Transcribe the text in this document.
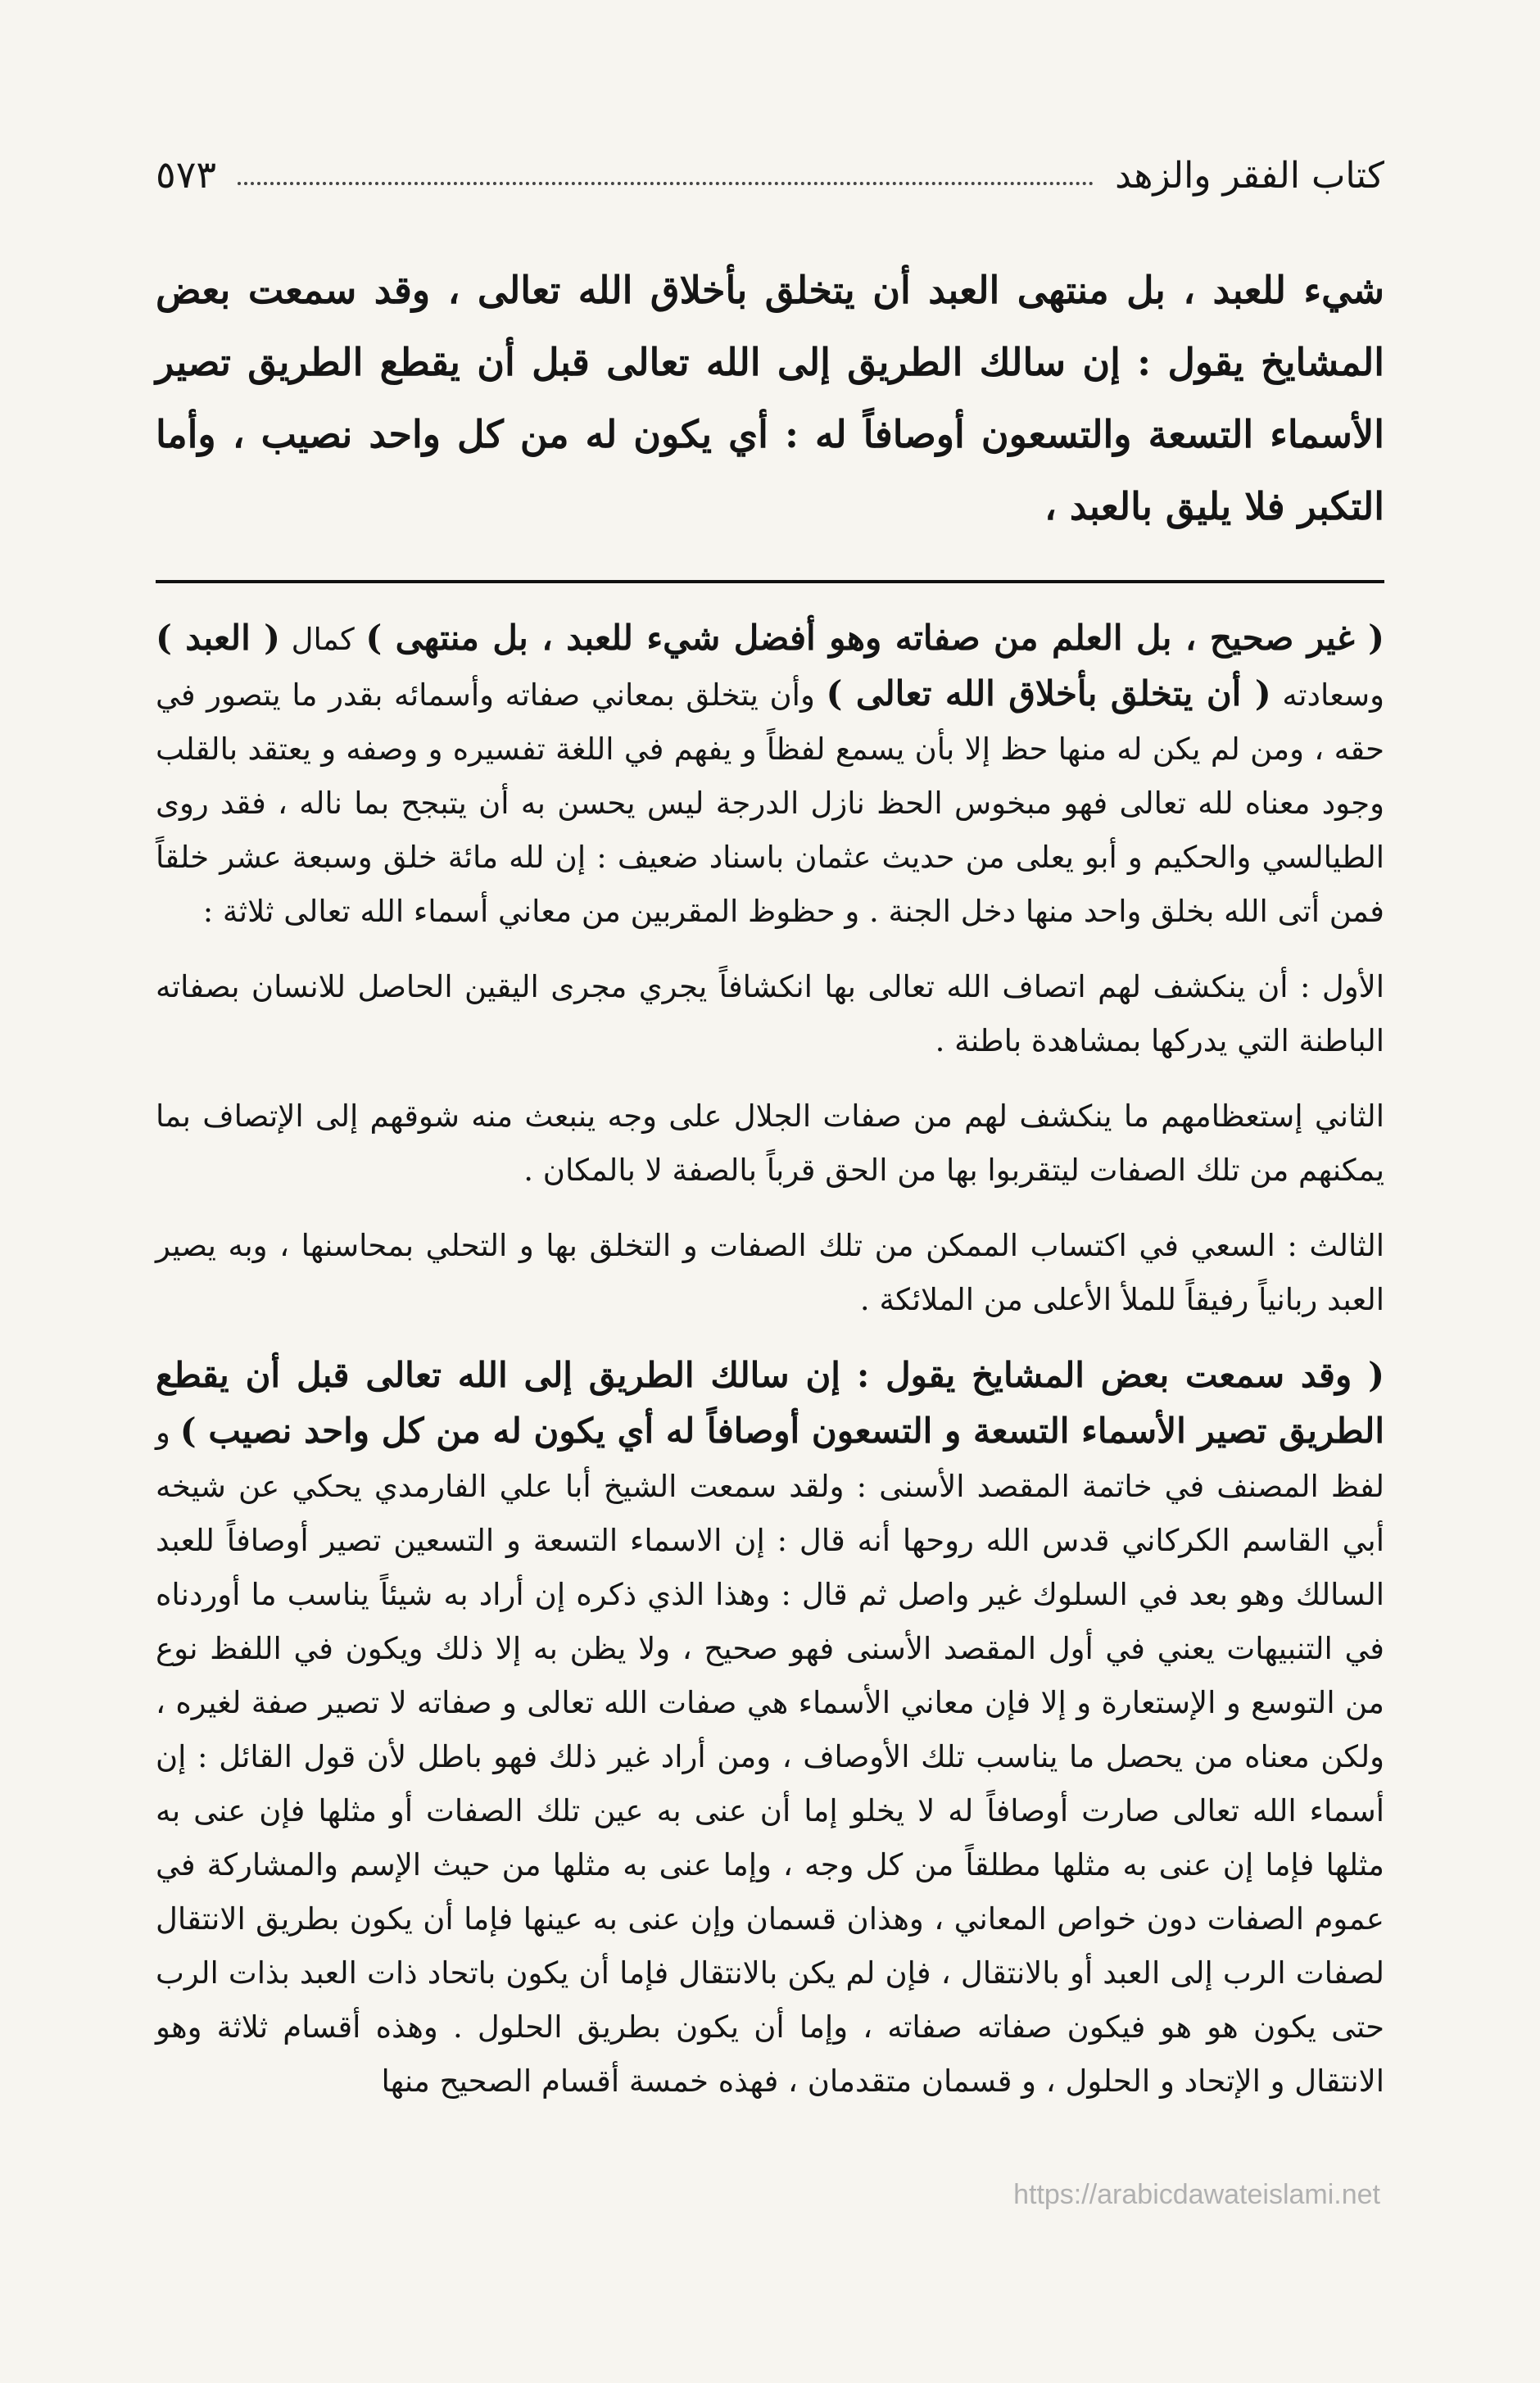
كتاب الفقر والزهد
٥٧٣

شيء للعبد ، بل منتهى العبد أن يتخلق بأخلاق الله تعالى ، وقد سمعت بعض المشايخ يقول : إن سالك الطريق إلى الله تعالى قبل أن يقطع الطريق تصير الأسماء التسعة والتسعون أوصافاً له : أي يكون له من كل واحد نصيب ، وأما التكبر فلا يليق بالعبد ،

( غير صحيح ، بل العلم من صفاته وهو أفضل شيء للعبد ، بل منتهى ) كمال ( العبد ) وسعادته ( أن يتخلق بأخلاق الله تعالى ) وأن يتخلق بمعاني صفاته وأسمائه بقدر ما يتصور في حقه ، ومن لم يكن له منها حظ إلا بأن يسمع لفظاً و يفهم في اللغة تفسيره و وصفه و يعتقد بالقلب وجود معناه لله تعالى فهو مبخوس الحظ نازل الدرجة ليس يحسن به أن يتبجح بما ناله ، فقد روى الطيالسي والحكيم و أبو يعلى من حديث عثمان باسناد ضعيف : إن لله مائة خلق وسبعة عشر خلقاً فمن أتى الله بخلق واحد منها دخل الجنة . و حظوظ المقربين من معاني أسماء الله تعالى ثلاثة :

الأول : أن ينكشف لهم اتصاف الله تعالى بها انكشافاً يجري مجرى اليقين الحاصل للانسان بصفاته الباطنة التي يدركها بمشاهدة باطنة .

الثاني إستعظامهم ما ينكشف لهم من صفات الجلال على وجه ينبعث منه شوقهم إلى الإتصاف بما يمكنهم من تلك الصفات ليتقربوا بها من الحق قرباً بالصفة لا بالمكان .

الثالث : السعي في اكتساب الممكن من تلك الصفات و التخلق بها و التحلي بمحاسنها ، وبه يصير العبد ربانياً رفيقاً للملأ الأعلى من الملائكة .

( وقد سمعت بعض المشايخ يقول : إن سالك الطريق إلى الله تعالى قبل أن يقطع الطريق تصير الأسماء التسعة و التسعون أوصافاً له أي يكون له من كل واحد نصيب ) و لفظ المصنف في خاتمة المقصد الأسنى : ولقد سمعت الشيخ أبا علي الفارمدي يحكي عن شيخه أبي القاسم الكركاني قدس الله روحها أنه قال : إن الاسماء التسعة و التسعين تصير أوصافاً للعبد السالك وهو بعد في السلوك غير واصل ثم قال : وهذا الذي ذكره إن أراد به شيئاً يناسب ما أوردناه في التنبيهات يعني في أول المقصد الأسنى فهو صحيح ، ولا يظن به إلا ذلك ويكون في اللفظ نوع من التوسع و الإستعارة و إلا فإن معاني الأسماء هي صفات الله تعالى و صفاته لا تصير صفة لغيره ، ولكن معناه من يحصل ما يناسب تلك الأوصاف ، ومن أراد غير ذلك فهو باطل لأن قول القائل : إن أسماء الله تعالى صارت أوصافاً له لا يخلو إما أن عنى به عين تلك الصفات أو مثلها فإن عنى به مثلها فإما إن عنى به مثلها مطلقاً من كل وجه ، وإما عنى به مثلها من حيث الإسم والمشاركة في عموم الصفات دون خواص المعاني ، وهذان قسمان وإن عنى به عينها فإما أن يكون بطريق الانتقال لصفات الرب إلى العبد أو بالانتقال ، فإن لم يكن بالانتقال فإما أن يكون باتحاد ذات العبد بذات الرب حتى يكون هو هو فيكون صفاته صفاته ، وإما أن يكون بطريق الحلول . وهذه أقسام ثلاثة وهو الانتقال و الإتحاد و الحلول ، و قسمان متقدمان ، فهذه خمسة أقسام الصحيح منها

https://arabicdawateislami.net
